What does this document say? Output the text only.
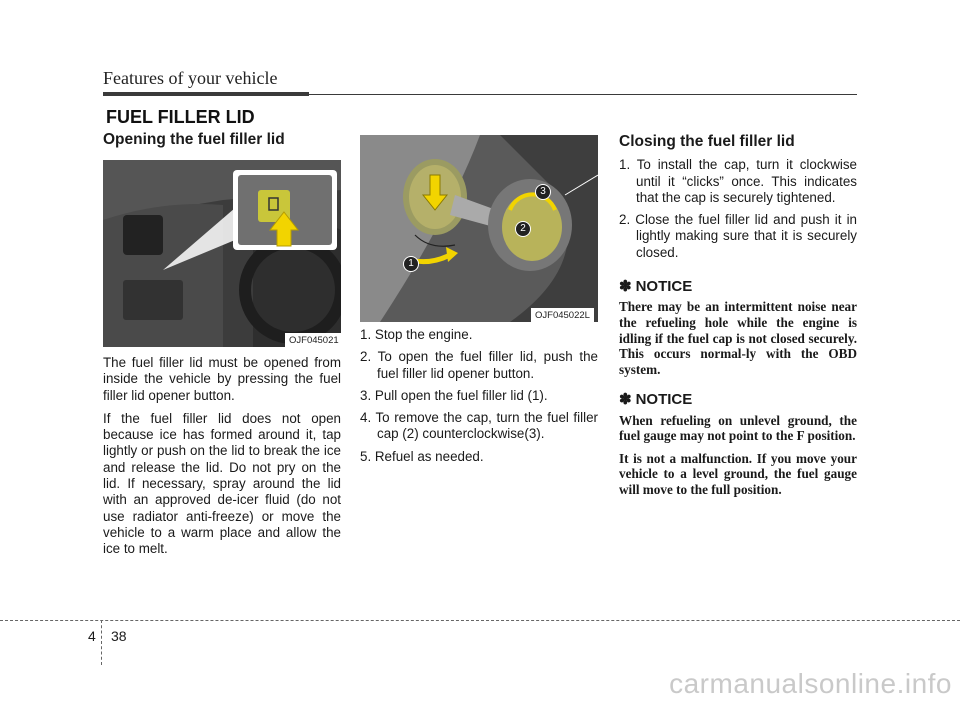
Features of your vehicle
FUEL FILLER LID
Opening the fuel filler lid
OJF045021

The fuel filler lid must be opened from inside the vehicle by pressing the fuel filler lid opener button.

If the fuel filler lid does not open because ice has formed around it, tap lightly or push on the lid to break the ice and release the lid. Do not pry on the lid. If necessary, spray around the lid with an approved de-icer fluid (do not use radiator anti-freeze) or move the vehicle to a warm place and allow the ice to melt.

1
2
3
OJF045022L
1. Stop the engine.
2. To open the fuel filler lid, push the fuel filler lid opener button.
3. Pull open the fuel filler lid (1).
4. To remove the cap, turn the fuel filler cap (2) counterclockwise(3).
5. Refuel as needed.
Closing the fuel filler lid
1. To install the cap, turn it clockwise until it “clicks” once. This indicates that the cap is securely tightened.
2. Close the fuel filler lid and push it in lightly making sure that it is securely closed.
✽ NOTICE

There may be an intermittent noise near the refueling hole while the engine is idling if the fuel cap is not closed securely. This occurs normal-ly with the OBD system.

✽ NOTICE

When refueling on unlevel ground, the fuel gauge may not point to the F position.

It is not a malfunction. If you move your vehicle to a level ground, the fuel gauge will move to the full position.

4 38
carmanualsonline.info
